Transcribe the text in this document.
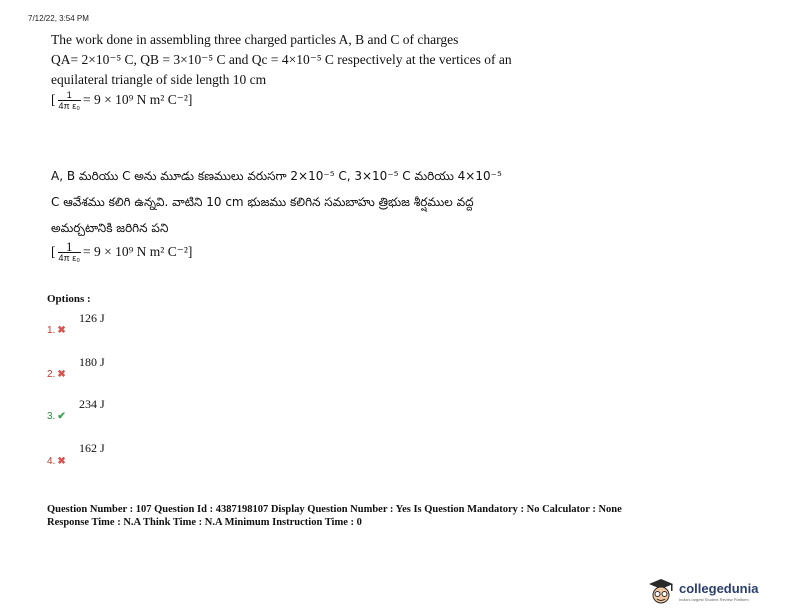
7/12/22, 3:54 PM
The work done in assembling three charged particles A, B and C of charges
QA= 2×10⁻⁵ C, QB = 3×10⁻⁵ C and Qc = 4×10⁻⁵ C respectively at the vertices of an
equilateral triangle of side length 10 cm
[ $\frac{1}{\text{4π ε₀}} = 9 \times 10^9$ N m² C⁻²]
A, B మరియు C అను మూడు కణములు వరుసగా 2×10⁻⁵ C, 3×10⁻⁵ C మరియు 4×10⁻⁵
C ఆవేశము కలిగి ఉన్నవి. వాటిని 10 cm భుజము కలిగిన సమబాహు త్రిభుజ శీర్షముల వద్ద
అమర్చటానికి జరిగిన పని
[ $\frac{1}{\text{4π ε₀}} = 9 \times 10^9$ N m² C⁻²]
Options :
1. ✖
126 J
2. ✖
180 J
3. ✔
234 J
4. ✖
162 J
Question Number : 107 Question Id : 4387198107 Display Question Number : Yes Is Question Mandatory : No Calculator : None
Response Time : N.A Think Time : N.A Minimum Instruction Time : 0
collegedunia
India's largest Student Review Platform
